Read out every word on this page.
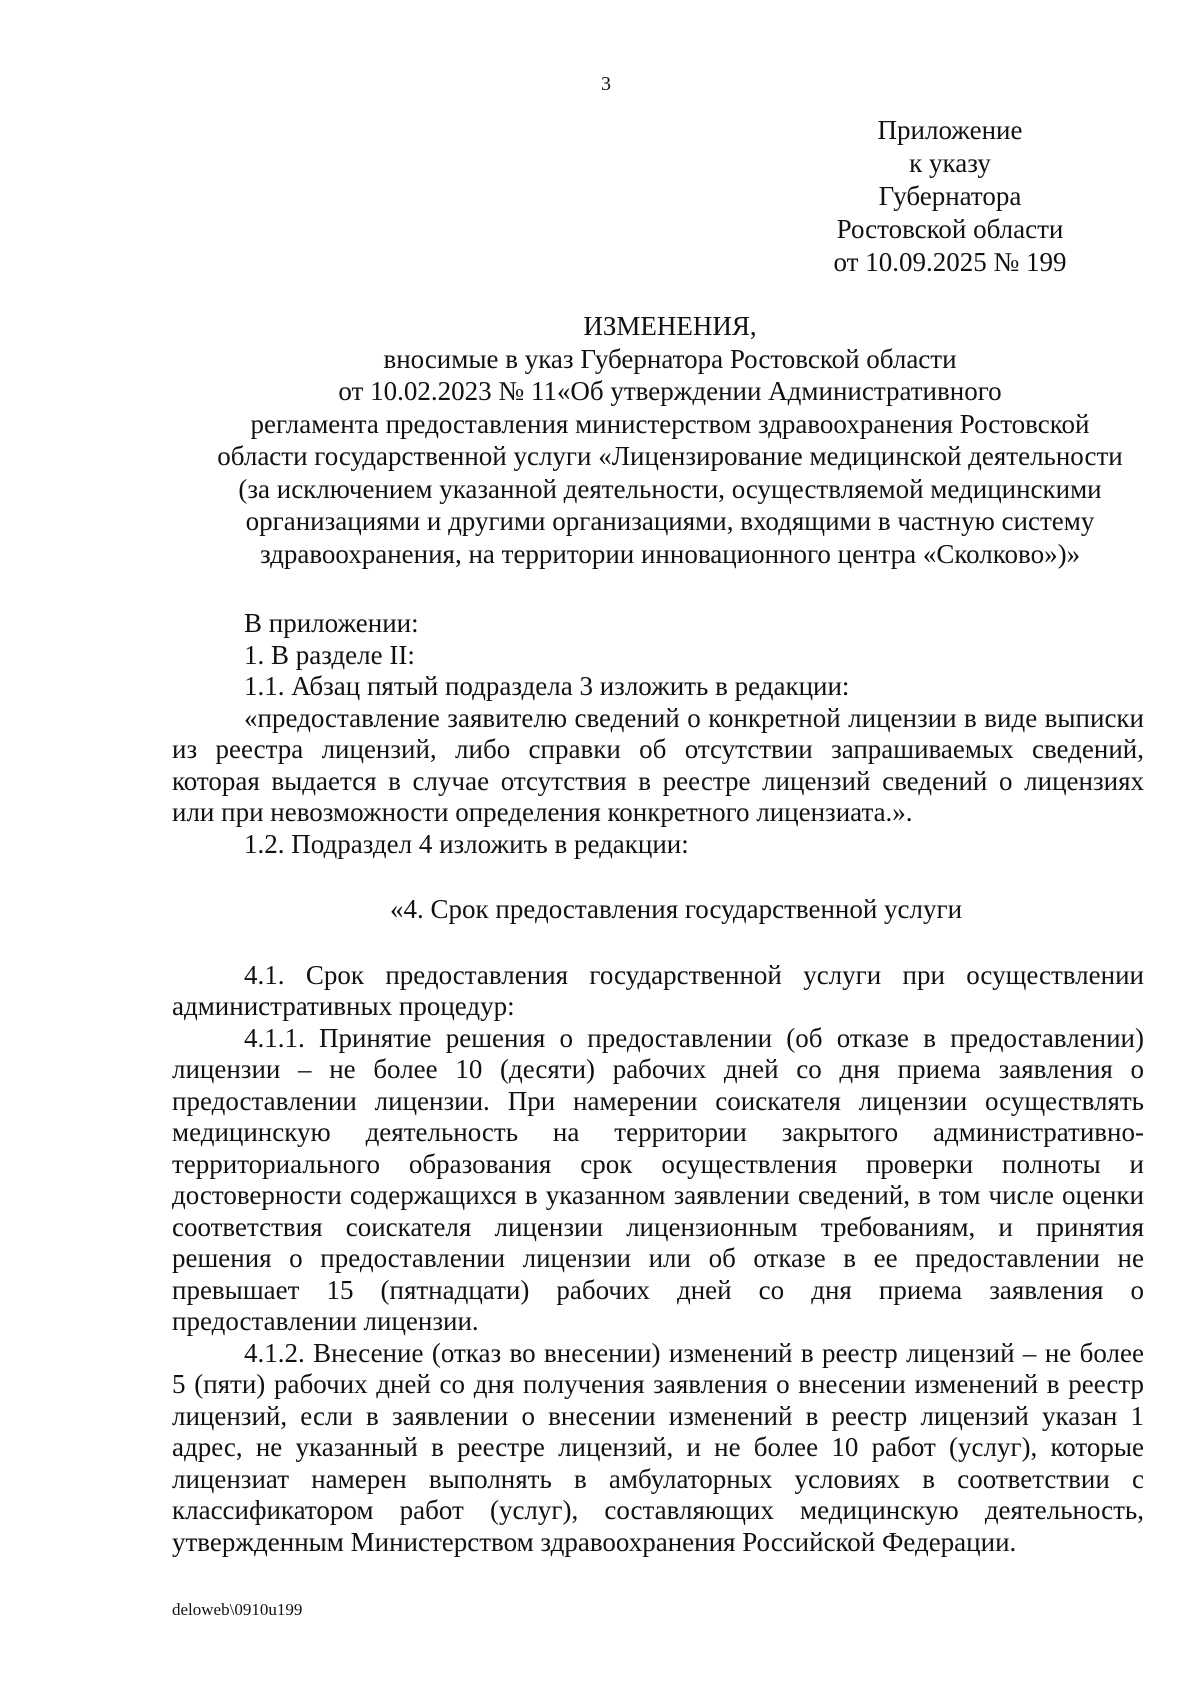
3
Приложение
к указу
Губернатора
Ростовской области
от 10.09.2025 № 199
ИЗМЕНЕНИЯ,
вносимые в указ Губернатора Ростовской области
от 10.02.2023 № 11«Об утверждении Административного
регламента предоставления министерством здравоохранения Ростовской
области государственной услуги «Лицензирование медицинской деятельности
(за исключением указанной деятельности, осуществляемой медицинскими
организациями и другими организациями, входящими в частную систему
здравоохранения, на территории инновационного центра «Сколково»)»

В приложении:

1. В разделе II:

1.1. Абзац пятый подраздела 3 изложить в редакции:

«предоставление заявителю сведений о конкретной лицензии в виде выписки из реестра лицензий, либо справки об отсутствии запрашиваемых сведений, которая выдается в случае отсутствия в реестре лицензий сведений о лицензиях или при невозможности определения конкретного лицензиата.».

1.2. Подраздел 4 изложить в редакции:

«4. Срок предоставления государственной услуги

4.1. Срок предоставления государственной услуги при осуществлении административных процедур:

4.1.1. Принятие решения о предоставлении (об отказе в предоставлении) лицензии – не более 10 (десяти) рабочих дней со дня приема заявления о предоставлении лицензии. При намерении соискателя лицензии осуществлять медицинскую деятельность на территории закрытого административно-территориального образования срок осуществления проверки полноты и достоверности содержащихся в указанном заявлении сведений, в том числе оценки соответствия соискателя лицензии лицензионным требованиям, и принятия решения о предоставлении лицензии или об отказе в ее предоставлении не превышает 15 (пятнадцати) рабочих дней со дня приема заявления о предоставлении лицензии.

4.1.2. Внесение (отказ во внесении) изменений в реестр лицензий – не более 5 (пяти) рабочих дней со дня получения заявления о внесении изменений в реестр лицензий, если в заявлении о внесении изменений в реестр лицензий указан 1 адрес, не указанный в реестре лицензий, и не более 10 работ (услуг), которые лицензиат намерен выполнять в амбулаторных условиях в соответствии с классификатором работ (услуг), составляющих медицинскую деятельность, утвержденным Министерством здравоохранения Российской Федерации.

deloweb\0910u199
